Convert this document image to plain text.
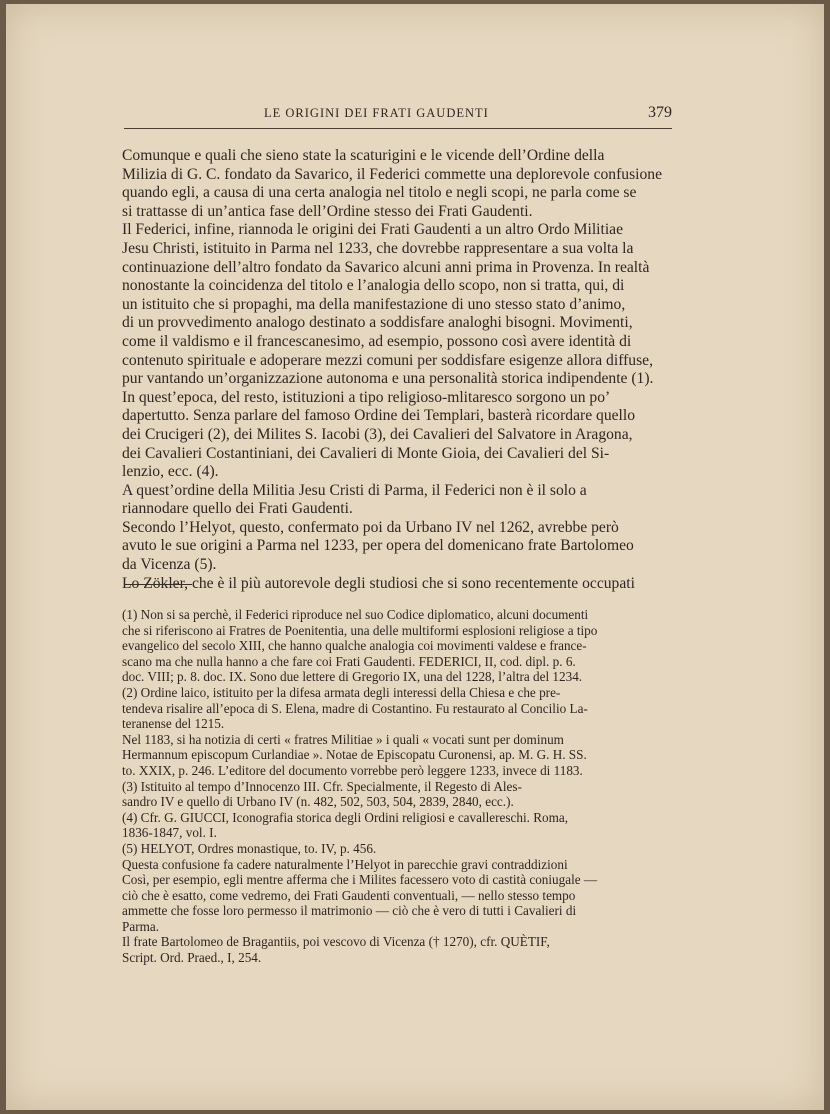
LE ORIGINI DEI FRATI GAUDENTI	379
Comunque e quali che sieno state la scaturigini e le vicende dell’Ordine della
Milizia di G. C. fondato da Savarico, il Federici commette una deplorevole confusione
quando egli, a causa di una certa analogia nel titolo e negli scopi, ne parla come se
si trattasse di un’antica fase dell’Ordine stesso dei Frati Gaudenti.
Il Federici, infine, riannoda le origini dei Frati Gaudenti a un altro Ordo Militiae
Jesu Christi, istituito in Parma nel 1233, che dovrebbe rappresentare a sua volta la
continuazione dell’altro fondato da Savarico alcuni anni prima in Provenza. In realtà
nonostante la coincidenza del titolo e l’analogia dello scopo, non si tratta, qui, di
un istituito che si propaghi, ma della manifestazione di uno stesso stato d’animo,
di un provvedimento analogo destinato a soddisfare analoghi bisogni. Movimenti,
come il valdismo e il francescanesimo, ad esempio, possono così avere identità di
contenuto spirituale e adoperare mezzi comuni per soddisfare esigenze allora diffuse,
pur vantando un’organizzazione autonoma e una personalità storica indipendente (1).
In quest’epoca, del resto, istituzioni a tipo religioso-mlitaresco sorgono un po’
dapertutto. Senza parlare del famoso Ordine dei Templari, basterà ricordare quello
dei Crucigeri (2), dei Milites S. Iacobi (3), dei Cavalieri del Salvatore in Aragona,
dei Cavalieri Costantiniani, dei Cavalieri di Monte Gioia, dei Cavalieri del Si-
lenzio, ecc. (4).
A quest’ordine della Militia Jesu Cristi di Parma, il Federici non è il solo a
riannodare quello dei Frati Gaudenti.
Secondo l’Helyot, questo, confermato poi da Urbano IV nel 1262, avrebbe però
avuto le sue origini a Parma nel 1233, per opera del domenicano frate Bartolomeo
da Vicenza (5).
Lo Zökler, che è il più autorevole degli studiosi che si sono recentemente occupati
(1) Non si sa perchè, il Federici riproduce nel suo Codice diplomatico, alcuni documenti
che si riferiscono ai Fratres de Poenitentia, una delle multiformi esplosioni religiose a tipo
evangelico del secolo XIII, che hanno qualche analogia coi movimenti valdese e france-
scano ma che nulla hanno a che fare coi Frati Gaudenti. FEDERICI, II, cod. dipl. p. 6.
doc. VIII; p. 8. doc. IX. Sono due lettere di Gregorio IX, una del 1228, l’altra del 1234.
(2) Ordine laico, istituito per la difesa armata degli interessi della Chiesa e che pre-
tendeva risalire all’epoca di S. Elena, madre di Costantino. Fu restaurato al Concilio La-
teranense del 1215.
Nel 1183, si ha notizia di certi « fratres Militiae » i quali « vocati sunt per dominum
Hermannum episcopum Curlandiae ». Notae de Episcopatu Curonensi, ap. M. G. H. SS.
to. XXIX, p. 246. L’editore del documento vorrebbe però leggere 1233, invece di 1183.
(3) Istituito al tempo d’Innocenzo III. Cfr. Specialmente, il Regesto di Ales-
sandro IV e quello di Urbano IV (n. 482, 502, 503, 504, 2839, 2840, ecc.).
(4) Cfr. G. GIUCCI, Iconografia storica degli Ordini religiosi e cavallereschi. Roma,
1836-1847, vol. I.
(5) HELYOT, Ordres monastique, to. IV, p. 456.
Questa confusione fa cadere naturalmente l’Helyot in parecchie gravi contraddizioni
Così, per esempio, egli mentre afferma che i Milites facessero voto di castità coniugale —
ciò che è esatto, come vedremo, dei Frati Gaudenti conventuali, — nello stesso tempo
ammette che fosse loro permesso il matrimonio — ciò che è vero di tutti i Cavalieri di
Parma.
Il frate Bartolomeo de Bragantiis, poi vescovo di Vicenza († 1270), cfr. QUÈTIF,
Script. Ord. Praed., I, 254.
